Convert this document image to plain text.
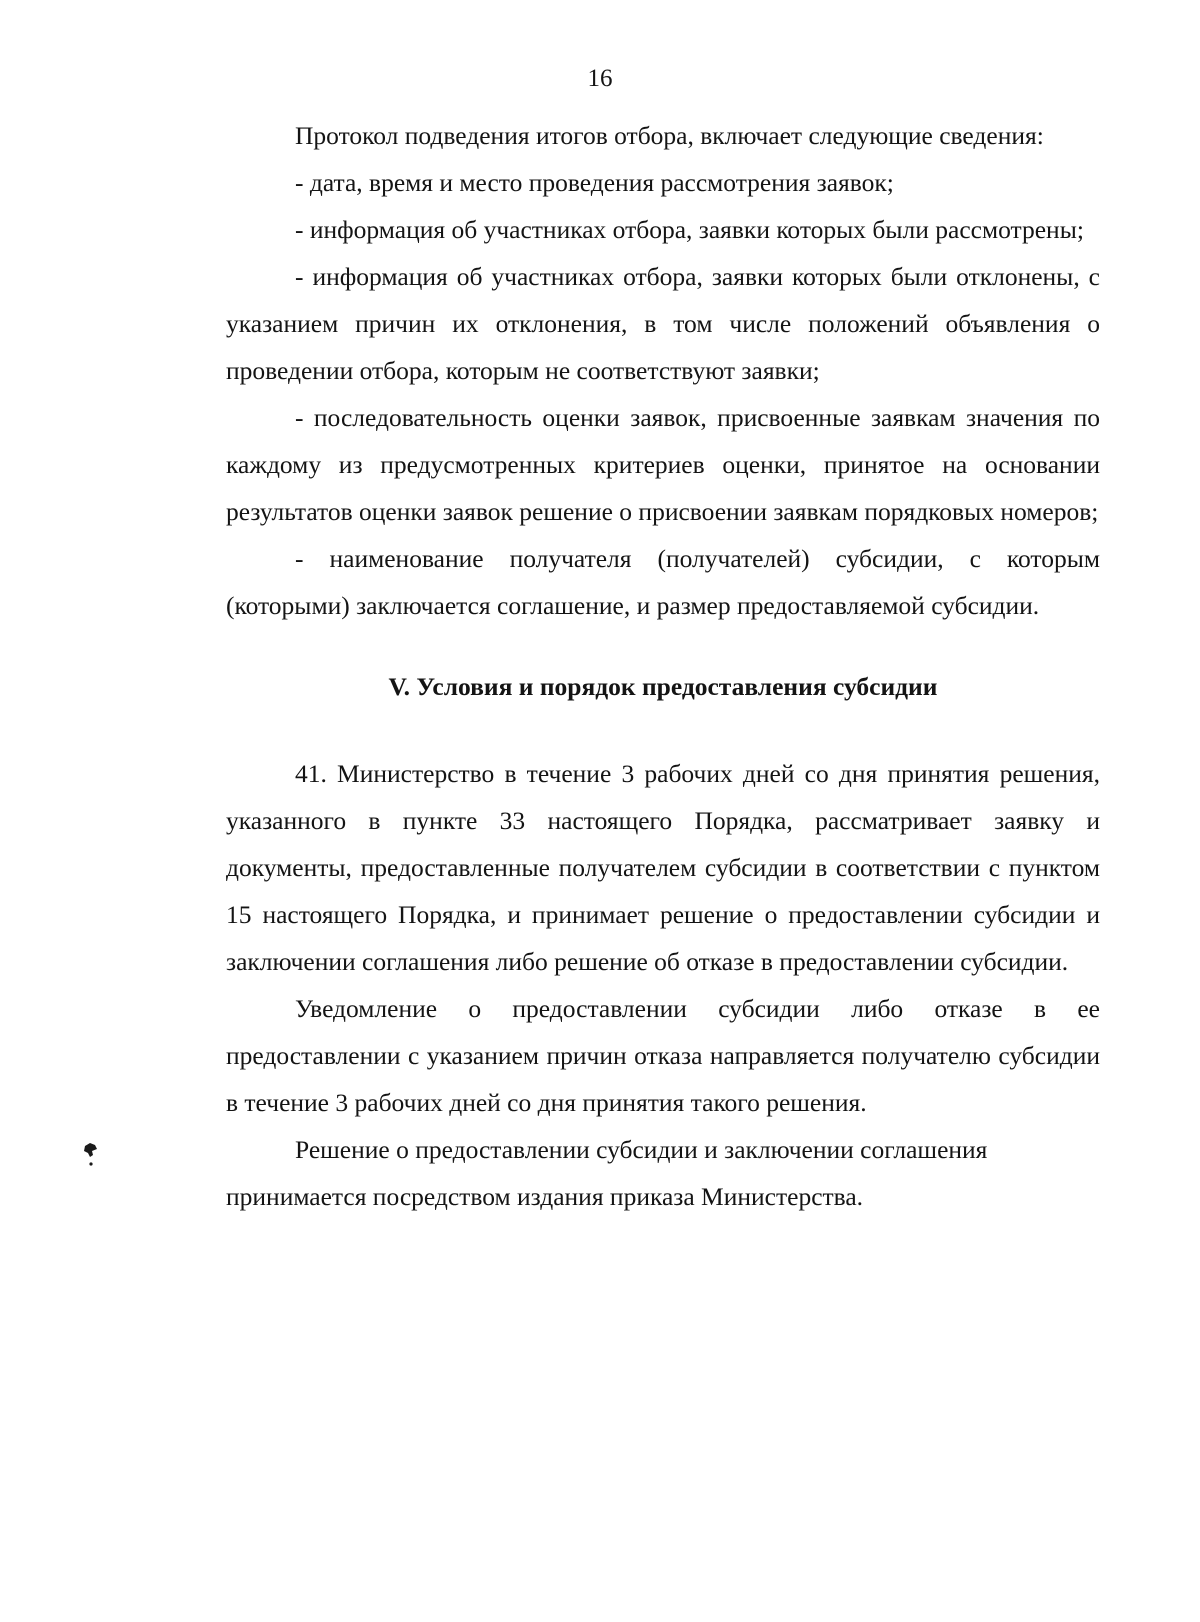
16

Протокол подведения итогов отбора, включает следующие сведения:

- дата, время и место проведения рассмотрения заявок;

- информация об участниках отбора, заявки которых были рассмотрены;

- информация об участниках отбора, заявки которых были отклонены, с указанием причин их отклонения, в том числе положений объявления о проведении отбора, которым не соответствуют заявки;

- последовательность оценки заявок, присвоенные заявкам значения по каждому из предусмотренных критериев оценки, принятое на основании результатов оценки заявок решение о присвоении заявкам порядковых номеров;

- наименование получателя (получателей) субсидии, с которым (которыми) заключается соглашение, и размер предоставляемой субсидии.

V. Условия и порядок предоставления субсидии

41. Министерство в течение 3 рабочих дней со дня принятия решения, указанного в пункте 33 настоящего Порядка, рассматривает заявку и документы, предоставленные получателем субсидии в соответствии с пунктом 15 настоящего Порядка, и принимает решение о предоставлении субсидии и заключении соглашения либо решение об отказе в предоставлении субсидии.

Уведомление о предоставлении субсидии либо отказе в ее предоставлении с указанием причин отказа направляется получателю субсидии в течение 3 рабочих дней со дня принятия такого решения.

Решение о предоставлении субсидии и заключении соглашения принимается посредством издания приказа Министерства.
